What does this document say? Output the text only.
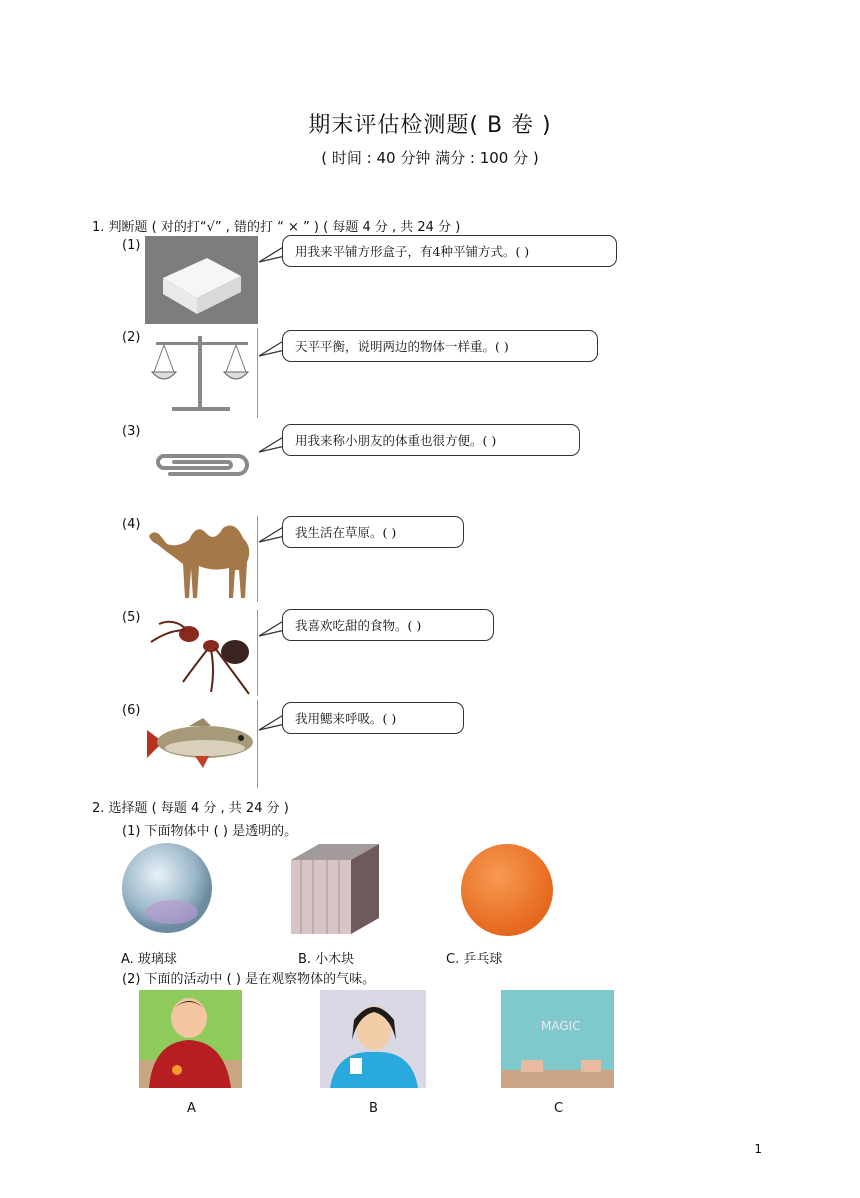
期末评估检测题( B 卷 )
( 时间 : 40 分钟 满分 : 100 分 )
1. 判断题 ( 对的打“√” , 错的打 “ × ” ) ( 每题 4 分 , 共 24 分 )
(1)	用我来平铺方形盒子，有4种平铺方式。( )
(2)
天平平衡，说明两边的物体一样重。( )
(3)
用我来称小朋友的体重也很方便。( )
(4)
我生活在草原。( )
(5)
我喜欢吃甜的食物。( )
(6)
我用鳃来呼吸。( )
2. 选择题 ( 每题 4 分 , 共 24 分 )
(1) 下面物体中 ( ) 是透明的。
A. 玻璃球	B. 小木块	C. 乒乓球
(2) 下面的活动中 ( ) 是在观察物体的气味。
MAGIC
A	B	C
1
